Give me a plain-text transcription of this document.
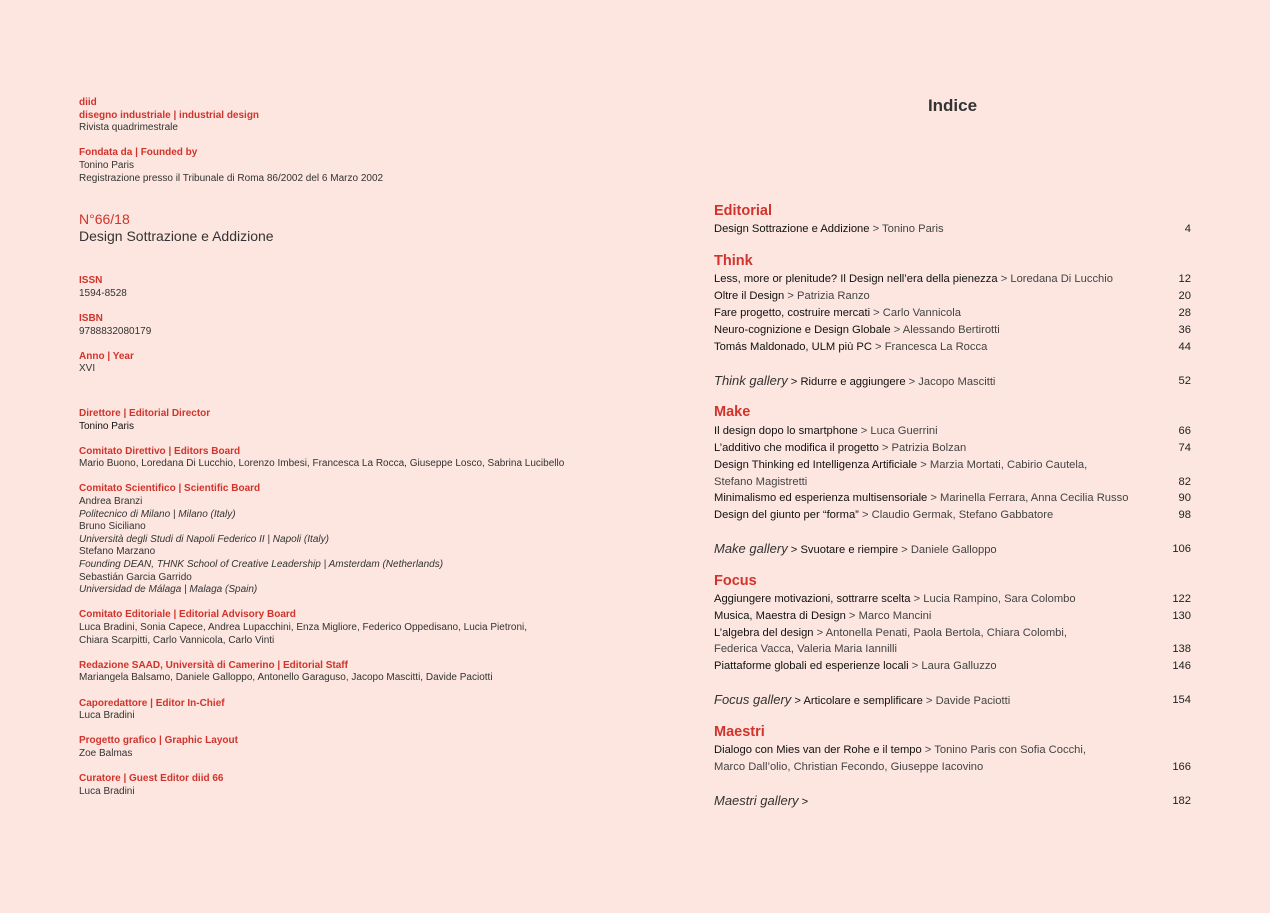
diid
disegno industriale | industrial design
Rivista quadrimestrale
Fondata da | Founded by
Tonino Paris
Registrazione presso il Tribunale di Roma 86/2002 del 6 Marzo 2002
N°66/18
Design Sottrazione e Addizione
ISSN
1594-8528
ISBN
9788832080179
Anno | Year
XVI
Direttore | Editorial Director
Tonino Paris
Comitato Direttivo | Editors Board
Mario Buono, Loredana Di Lucchio, Lorenzo Imbesi, Francesca La Rocca, Giuseppe Losco, Sabrina Lucibello
Comitato Scientifico | Scientific Board
Andrea Branzi
Politecnico di Milano | Milano (Italy)
Bruno Siciliano
Università degli Studi di Napoli Federico II | Napoli (Italy)
Stefano Marzano
Founding DEAN, THNK School of Creative Leadership | Amsterdam (Netherlands)
Sebastián Garcia Garrido
Universidad de Málaga | Malaga (Spain)
Comitato Editoriale | Editorial Advisory Board
Luca Bradini, Sonia Capece, Andrea Lupacchini, Enza Migliore, Federico Oppedisano, Lucia Pietroni,
Chiara Scarpitti, Carlo Vannicola, Carlo Vinti
Redazione SAAD, Università di Camerino | Editorial Staff
Mariangela Balsamo, Daniele Galloppo, Antonello Garaguso, Jacopo Mascitti, Davide Paciotti
Caporedattore | Editor In-Chief
Luca Bradini
Progetto grafico | Graphic Layout
Zoe Balmas
Curatore | Guest Editor diid 66
Luca Bradini
Indice
Editorial
Design Sottrazione e Addizione > Tonino Paris	4
Think
Less, more or plenitude? Il Design nell’era della pienezza > Loredana Di Lucchio	12
Oltre il Design > Patrizia Ranzo	20
Fare progetto, costruire mercati > Carlo Vannicola	28
Neuro-cognizione e Design Globale > Alessando Bertirotti	36
Tomás Maldonado, ULM più PC > Francesca La Rocca	44
Think gallery > Ridurre e aggiungere > Jacopo Mascitti	52
Make
Il design dopo lo smartphone > Luca Guerrini	66
L’additivo che modifica il progetto > Patrizia Bolzan	74
Design Thinking ed Intelligenza Artificiale > Marzia Mortati, Cabirio Cautela,
Stefano Magistretti	82
Minimalismo ed esperienza multisensoriale > Marinella Ferrara, Anna Cecilia Russo	90
Design del giunto per “forma” > Claudio Germak, Stefano Gabbatore	98
Make gallery > Svuotare e riempire > Daniele Galloppo	106
Focus
Aggiungere motivazioni, sottrarre scelta > Lucia Rampino, Sara Colombo	122
Musica, Maestra di Design > Marco Mancini	130
L’algebra del design > Antonella Penati, Paola Bertola, Chiara Colombi,
Federica Vacca, Valeria Maria Iannilli	138
Piattaforme globali ed esperienze locali > Laura Galluzzo	146
Focus gallery > Articolare e semplificare > Davide Paciotti	154
Maestri
Dialogo con Mies van der Rohe e il tempo > Tonino Paris con Sofia Cocchi,
Marco Dall’olio, Christian Fecondo, Giuseppe Iacovino	166
Maestri gallery >	182
